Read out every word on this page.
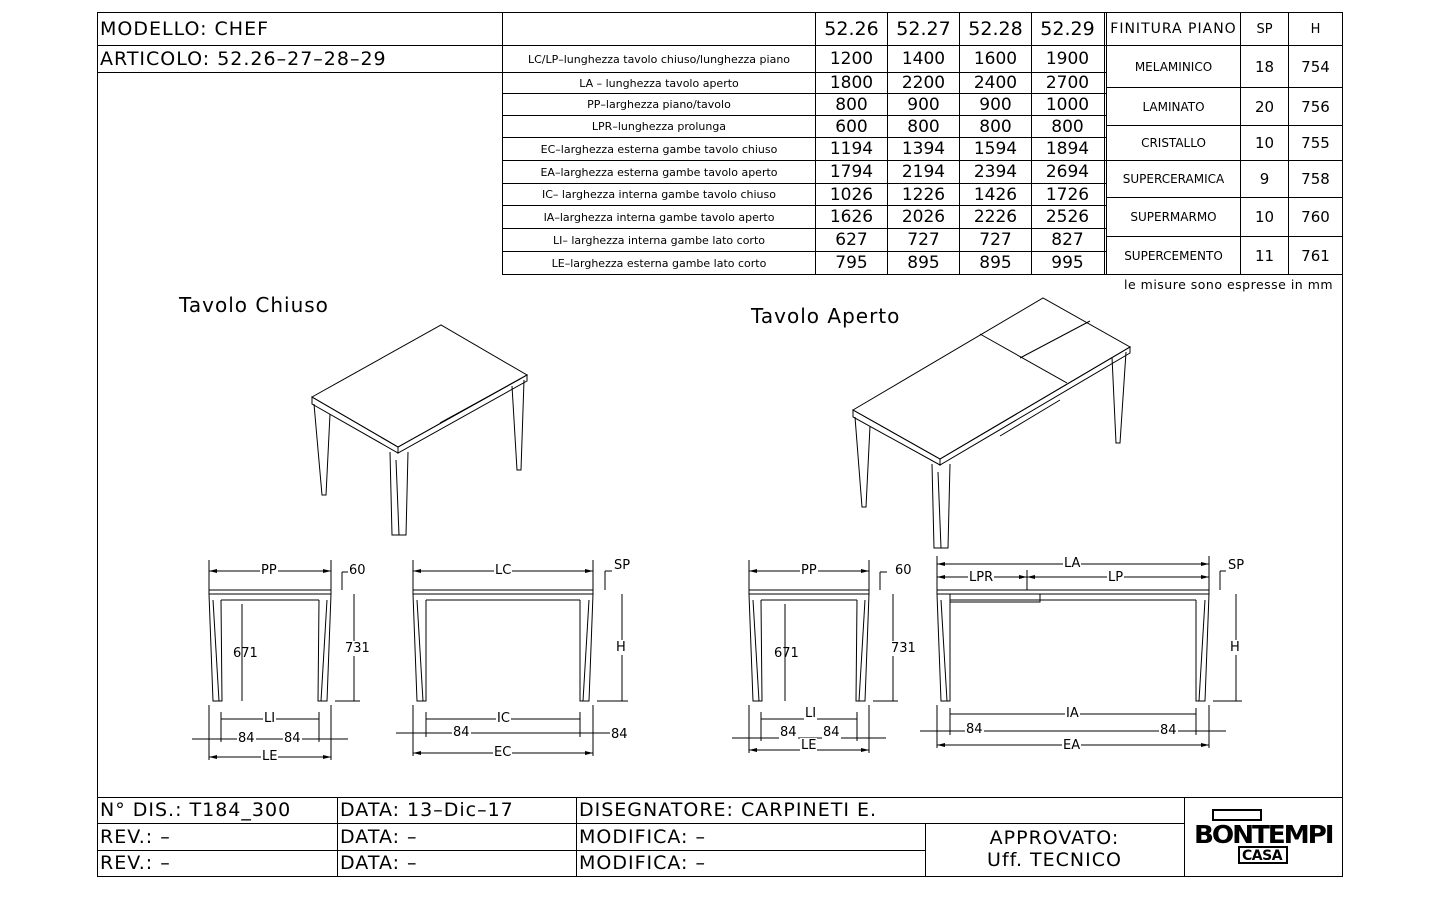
MODELLO: CHEF
ARTICOLO: 52.26–27–28–29
52.26 52.27 52.28 52.29
LC/LP–lunghezza tavolo chiuso/lunghezza piano	1200	1400	1600	1900
LA – lunghezza tavolo aperto	1800	2200	2400	2700
PP–larghezza piano/tavolo	800	900	900	1000
LPR–lunghezza prolunga	600	800	800	800
EC–larghezza esterna gambe tavolo chiuso	1194	1394	1594	1894
EA–larghezza esterna gambe tavolo aperto	1794	2194	2394	2694
IC– larghezza interna gambe tavolo chiuso	1026	1226	1426	1726
IA–larghezza interna gambe tavolo aperto	1626	2026	2226	2526
LI– larghezza interna gambe lato corto	627	727	727	827
LE–larghezza esterna gambe lato corto	795	895	895	995
FINITURA PIANO	SP	H
MELAMINICO	18	754
LAMINATO	20	756
CRISTALLO	10	755
SUPERCERAMICA	9	758
SUPERMARMO	10	760
SUPERCEMENTO	11	761
le misure sono espresse in mm
Tavolo Chiuso	Tavolo Aperto
PP	60
671	731
LI
84 84
LE
LC	SP
H
IC
84	84
EC
PP	60
671	731
LI
84 84
LE
LA
LPR	LP
SP
H
IA
84	84
EA
N° DIS.: T184_300	DATA: 13–Dic–17	DISEGNATORE: CARPINETI E.
REV.: –	DATA: –	MODIFICA: –
REV.: –	DATA: –	MODIFICA: –
APPROVATO:
Uff. TECNICO
BONTEMPI
CASA
